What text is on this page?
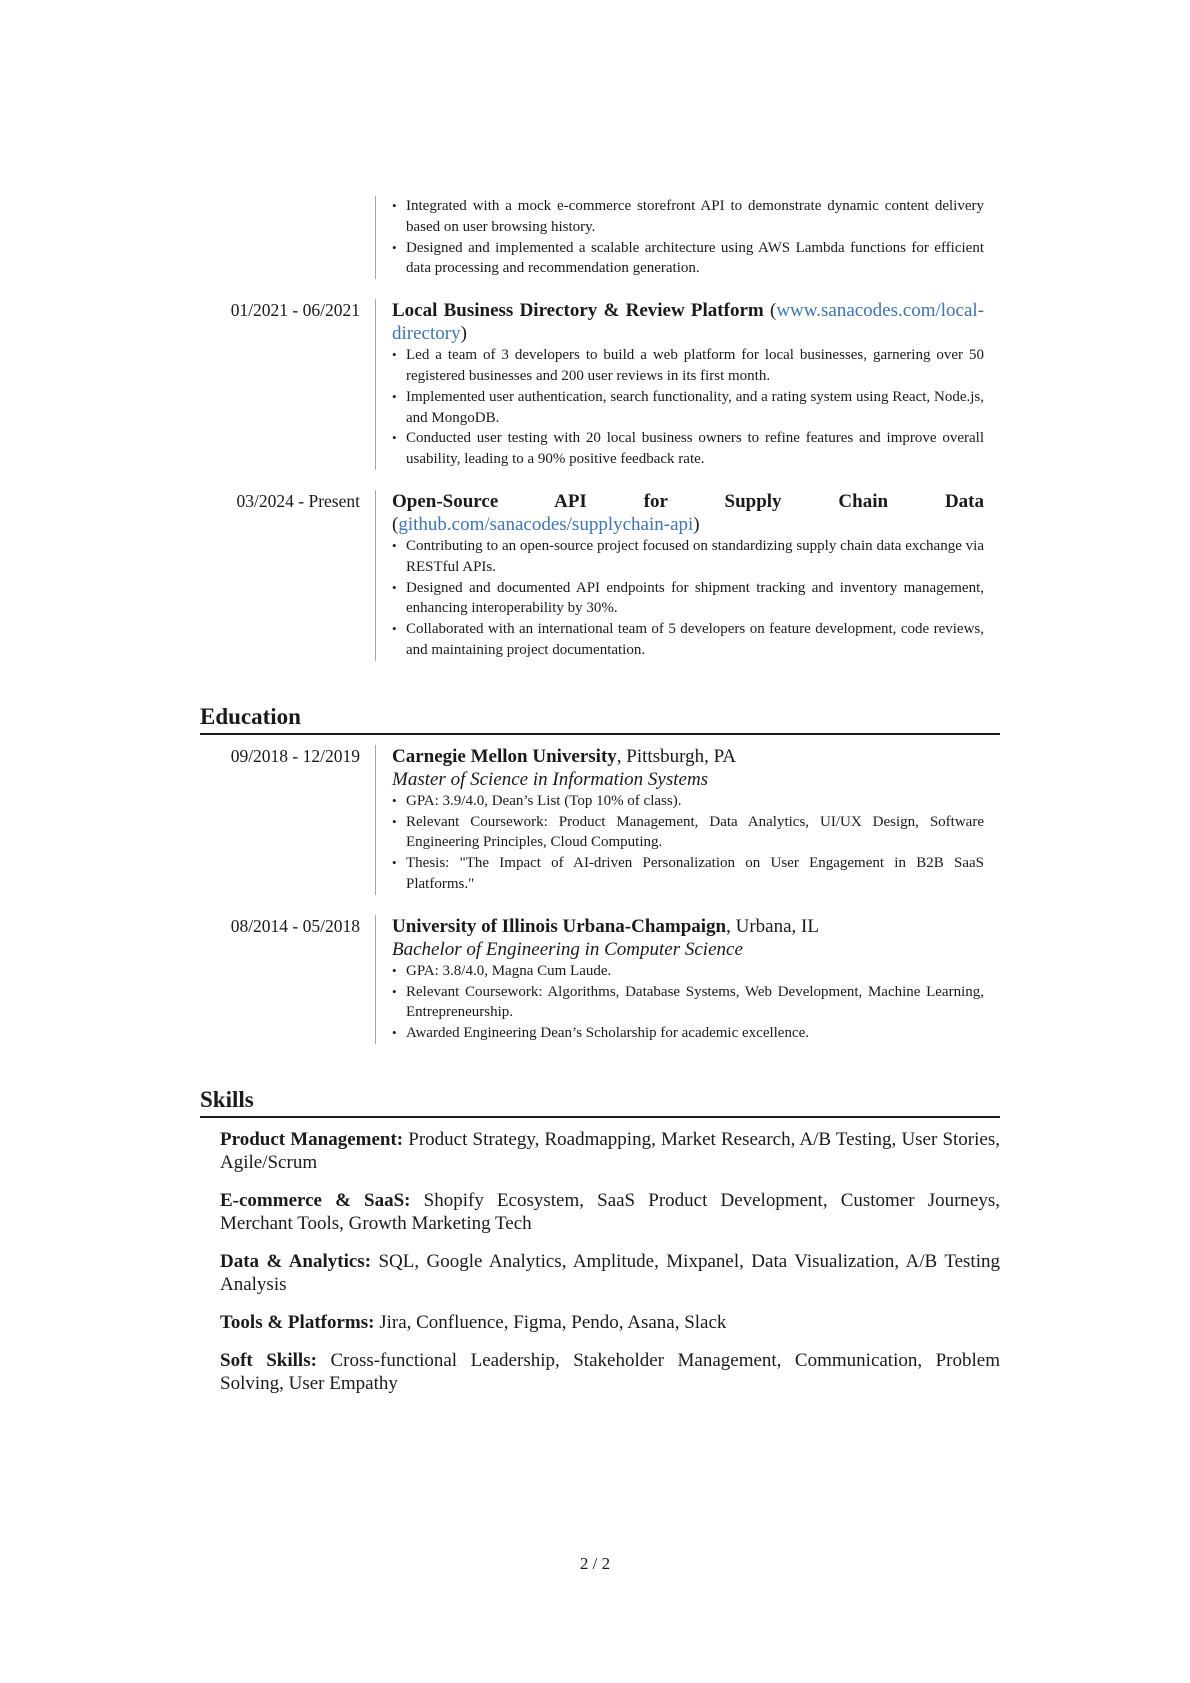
• Integrated with a mock e-commerce storefront API to demonstrate dynamic content delivery based on user browsing history.
• Designed and implemented a scalable architecture using AWS Lambda functions for efficient data processing and recommendation generation.
01/2021 - 06/2021	Local Business Directory & Review Platform (www.sanacodes.com/local-directory)
• Led a team of 3 developers to build a web platform for local businesses, garnering over 50 registered businesses and 200 user reviews in its first month.
• Implemented user authentication, search functionality, and a rating system using React, Node.js, and MongoDB.
• Conducted user testing with 20 local business owners to refine features and improve overall usability, leading to a 90% positive feedback rate.
03/2024 - Present	Open-Source API for Supply Chain Data (github.com/sanacodes/supplychain-api)
• Contributing to an open-source project focused on standardizing supply chain data exchange via RESTful APIs.
• Designed and documented API endpoints for shipment tracking and inventory management, enhancing interoperability by 30%.
• Collaborated with an international team of 5 developers on feature development, code reviews, and maintaining project documentation.
Education
09/2018 - 12/2019	Carnegie Mellon University, Pittsburgh, PA
Master of Science in Information Systems
• GPA: 3.9/4.0, Dean’s List (Top 10% of class).
• Relevant Coursework: Product Management, Data Analytics, UI/UX Design, Software Engineering Principles, Cloud Computing.
• Thesis: "The Impact of AI-driven Personalization on User Engagement in B2B SaaS Platforms."
08/2014 - 05/2018	University of Illinois Urbana-Champaign, Urbana, IL
Bachelor of Engineering in Computer Science
• GPA: 3.8/4.0, Magna Cum Laude.
• Relevant Coursework: Algorithms, Database Systems, Web Development, Machine Learning, Entrepreneurship.
• Awarded Engineering Dean’s Scholarship for academic excellence.
Skills
Product Management: Product Strategy, Roadmapping, Market Research, A/B Testing, User Stories, Agile/Scrum
E-commerce & SaaS: Shopify Ecosystem, SaaS Product Development, Customer Journeys, Merchant Tools, Growth Marketing Tech
Data & Analytics: SQL, Google Analytics, Amplitude, Mixpanel, Data Visualization, A/B Testing Analysis
Tools & Platforms: Jira, Confluence, Figma, Pendo, Asana, Slack
Soft Skills: Cross-functional Leadership, Stakeholder Management, Communication, Problem Solving, User Empathy
2 / 2
